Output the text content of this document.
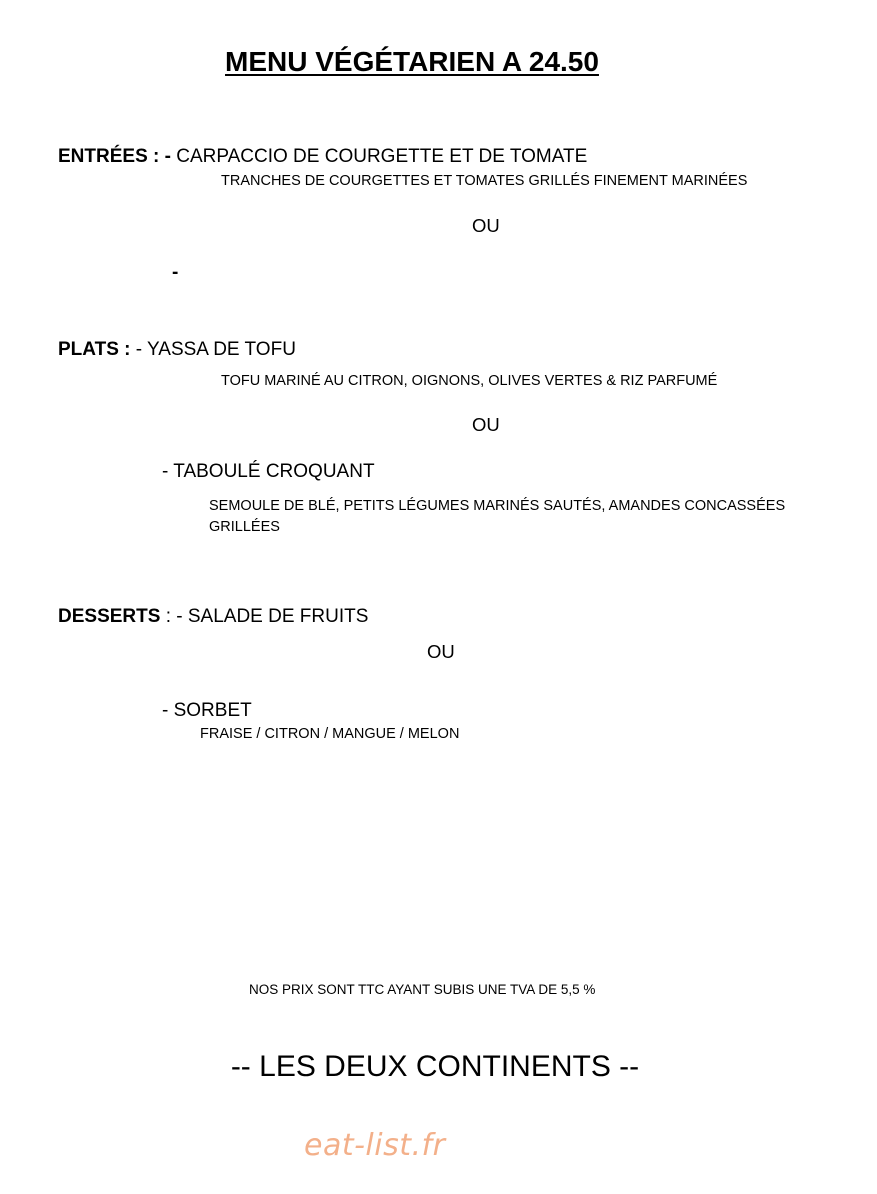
MENU VÉGÉTARIEN A 24.50
ENTRÉES : - CARPACCIO DE COURGETTE ET DE TOMATE
TRANCHES DE COURGETTES ET TOMATES GRILLÉS FINEMENT MARINÉES
OU
-
PLATS : - YASSA DE TOFU
TOFU MARINÉ AU CITRON, OIGNONS, OLIVES VERTES & RIZ PARFUMÉ
OU
- TABOULÉ CROQUANT
SEMOULE DE BLÉ, PETITS LÉGUMES MARINÉS SAUTÉS, AMANDES CONCASSÉES
GRILLÉES
DESSERTS : - SALADE DE FRUITS
OU
- SORBET
FRAISE / CITRON / MANGUE / MELON
NOS PRIX SONT TTC AYANT SUBIS UNE TVA DE 5,5 %
-- LES DEUX CONTINENTS --
eat-list.fr
